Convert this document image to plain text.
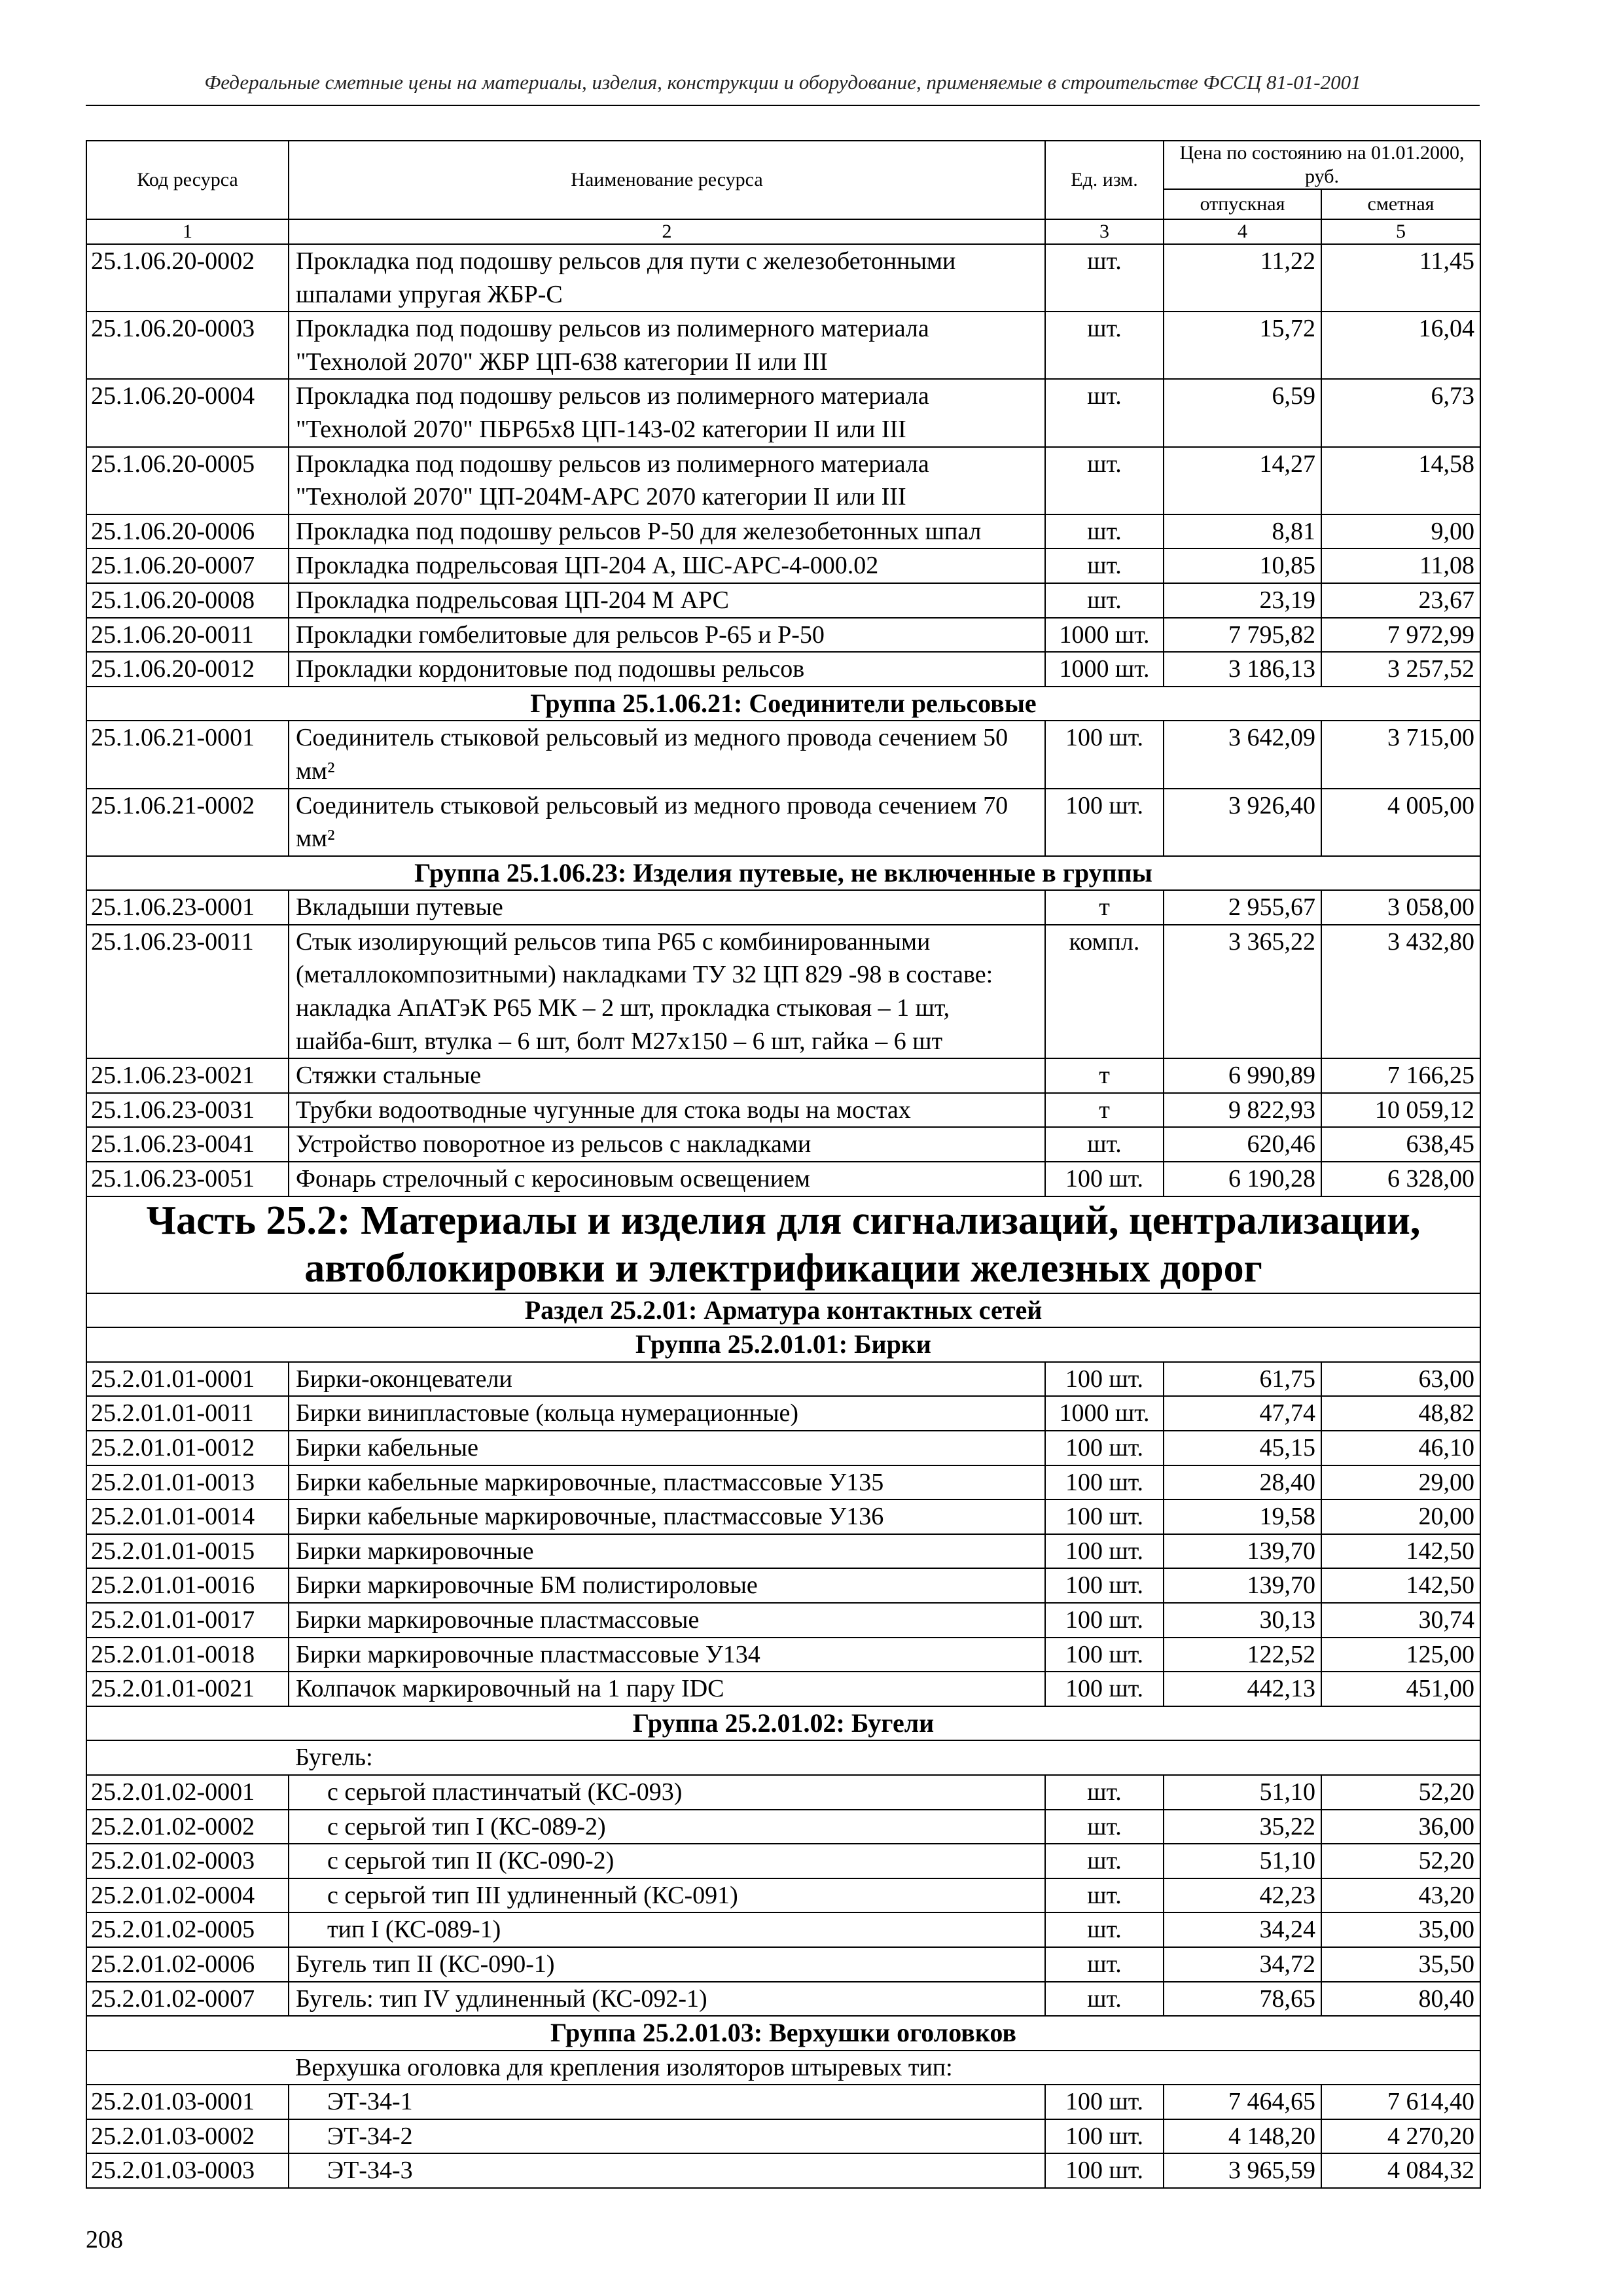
Федеральные сметные цены на материалы, изделия, конструкции и оборудование, применяемые в строительстве ФССЦ 81-01-2001
Код ресурса	Наименование ресурса	Ед. изм.	Цена по состоянию на 01.01.2000, руб.	
			отпускная	сметная
1	2	3	4	5
25.1.06.20-0002	Прокладка под подошву рельсов для пути с железобетонными шпалами упругая ЖБР-С	шт.	11,22	11,45
25.1.06.20-0003	Прокладка под подошву рельсов из полимерного материала "Технолой 2070" ЖБР ЦП-638 категории II или III	шт.	15,72	16,04
25.1.06.20-0004	Прокладка под подошву рельсов из полимерного материала "Технолой 2070" ПБР65х8 ЦП-143-02 категории II или III	шт.	6,59	6,73
25.1.06.20-0005	Прокладка под подошву рельсов из полимерного материала "Технолой 2070" ЦП-204М-АРС 2070 категории II или III	шт.	14,27	14,58
25.1.06.20-0006	Прокладка под подошву рельсов Р-50 для железобетонных шпал	шт.	8,81	9,00
25.1.06.20-0007	Прокладка подрельсовая ЦП-204 А, ШС-АРС-4-000.02	шт.	10,85	11,08
25.1.06.20-0008	Прокладка подрельсовая ЦП-204 М АРС	шт.	23,19	23,67
25.1.06.20-0011	Прокладки гомбелитовые для рельсов Р-65 и Р-50	1000 шт.	7 795,82	7 972,99
25.1.06.20-0012	Прокладки кордонитовые под подошвы рельсов	1000 шт.	3 186,13	3 257,52
Группа 25.1.06.21: Соединители рельсовые				
25.1.06.21-0001	Соединитель стыковой рельсовый из медного провода сечением 50 мм²	100 шт.	3 642,09	3 715,00
25.1.06.21-0002	Соединитель стыковой рельсовый из медного провода сечением 70 мм²	100 шт.	3 926,40	4 005,00
Группа 25.1.06.23: Изделия путевые, не включенные в группы				
25.1.06.23-0001	Вкладыши путевые	т	2 955,67	3 058,00
25.1.06.23-0011	Стык изолирующий рельсов типа Р65 с комбинированными (металлокомпозитными) накладками ТУ 32 ЦП 829 -98 в составе: накладка АпАТэК Р65 МК – 2 шт, прокладка стыковая – 1 шт, шайба-6шт, втулка – 6 шт, болт М27х150 – 6 шт, гайка – 6 шт	компл.	3 365,22	3 432,80
25.1.06.23-0021	Стяжки стальные	т	6 990,89	7 166,25
25.1.06.23-0031	Трубки водоотводные чугунные для стока воды на мостах	т	9 822,93	10 059,12
25.1.06.23-0041	Устройство поворотное из рельсов с накладками	шт.	620,46	638,45
25.1.06.23-0051	Фонарь стрелочный с керосиновым освещением	100 шт.	6 190,28	6 328,00
Часть 25.2: Материалы и изделия для сигнализаций, централизации, автоблокировки и электрификации железных дорог				
Раздел 25.2.01: Арматура контактных сетей				
Группа 25.2.01.01: Бирки				
25.2.01.01-0001	Бирки-оконцеватели	100 шт.	61,75	63,00
25.2.01.01-0011	Бирки винипластовые (кольца нумерационные)	1000 шт.	47,74	48,82
25.2.01.01-0012	Бирки кабельные	100 шт.	45,15	46,10
25.2.01.01-0013	Бирки кабельные маркировочные, пластмассовые У135	100 шт.	28,40	29,00
25.2.01.01-0014	Бирки кабельные маркировочные, пластмассовые У136	100 шт.	19,58	20,00
25.2.01.01-0015	Бирки маркировочные	100 шт.	139,70	142,50
25.2.01.01-0016	Бирки маркировочные БМ полистироловые	100 шт.	139,70	142,50
25.2.01.01-0017	Бирки маркировочные пластмассовые	100 шт.	30,13	30,74
25.2.01.01-0018	Бирки маркировочные пластмассовые У134	100 шт.	122,52	125,00
25.2.01.01-0021	Колпачок маркировочный на 1 пару IDC	100 шт.	442,13	451,00
Группа 25.2.01.02: Бугели				
	Бугель:			
25.2.01.02-0001	с серьгой пластинчатый (КС-093)	шт.	51,10	52,20
25.2.01.02-0002	с серьгой тип I (КС-089-2)	шт.	35,22	36,00
25.2.01.02-0003	с серьгой тип II (КС-090-2)	шт.	51,10	52,20
25.2.01.02-0004	с серьгой тип III удлиненный (КС-091)	шт.	42,23	43,20
25.2.01.02-0005	тип I (КС-089-1)	шт.	34,24	35,00
25.2.01.02-0006	Бугель тип II (КС-090-1)	шт.	34,72	35,50
25.2.01.02-0007	Бугель: тип IV удлиненный (КС-092-1)	шт.	78,65	80,40
Группа 25.2.01.03: Верхушки оголовков				
	Верхушка оголовка для крепления изоляторов штыревых тип:			
25.2.01.03-0001	ЭТ-34-1	100 шт.	7 464,65	7 614,40
25.2.01.03-0002	ЭТ-34-2	100 шт.	4 148,20	4 270,20
25.2.01.03-0003	ЭТ-34-3	100 шт.	3 965,59	4 084,32
208
